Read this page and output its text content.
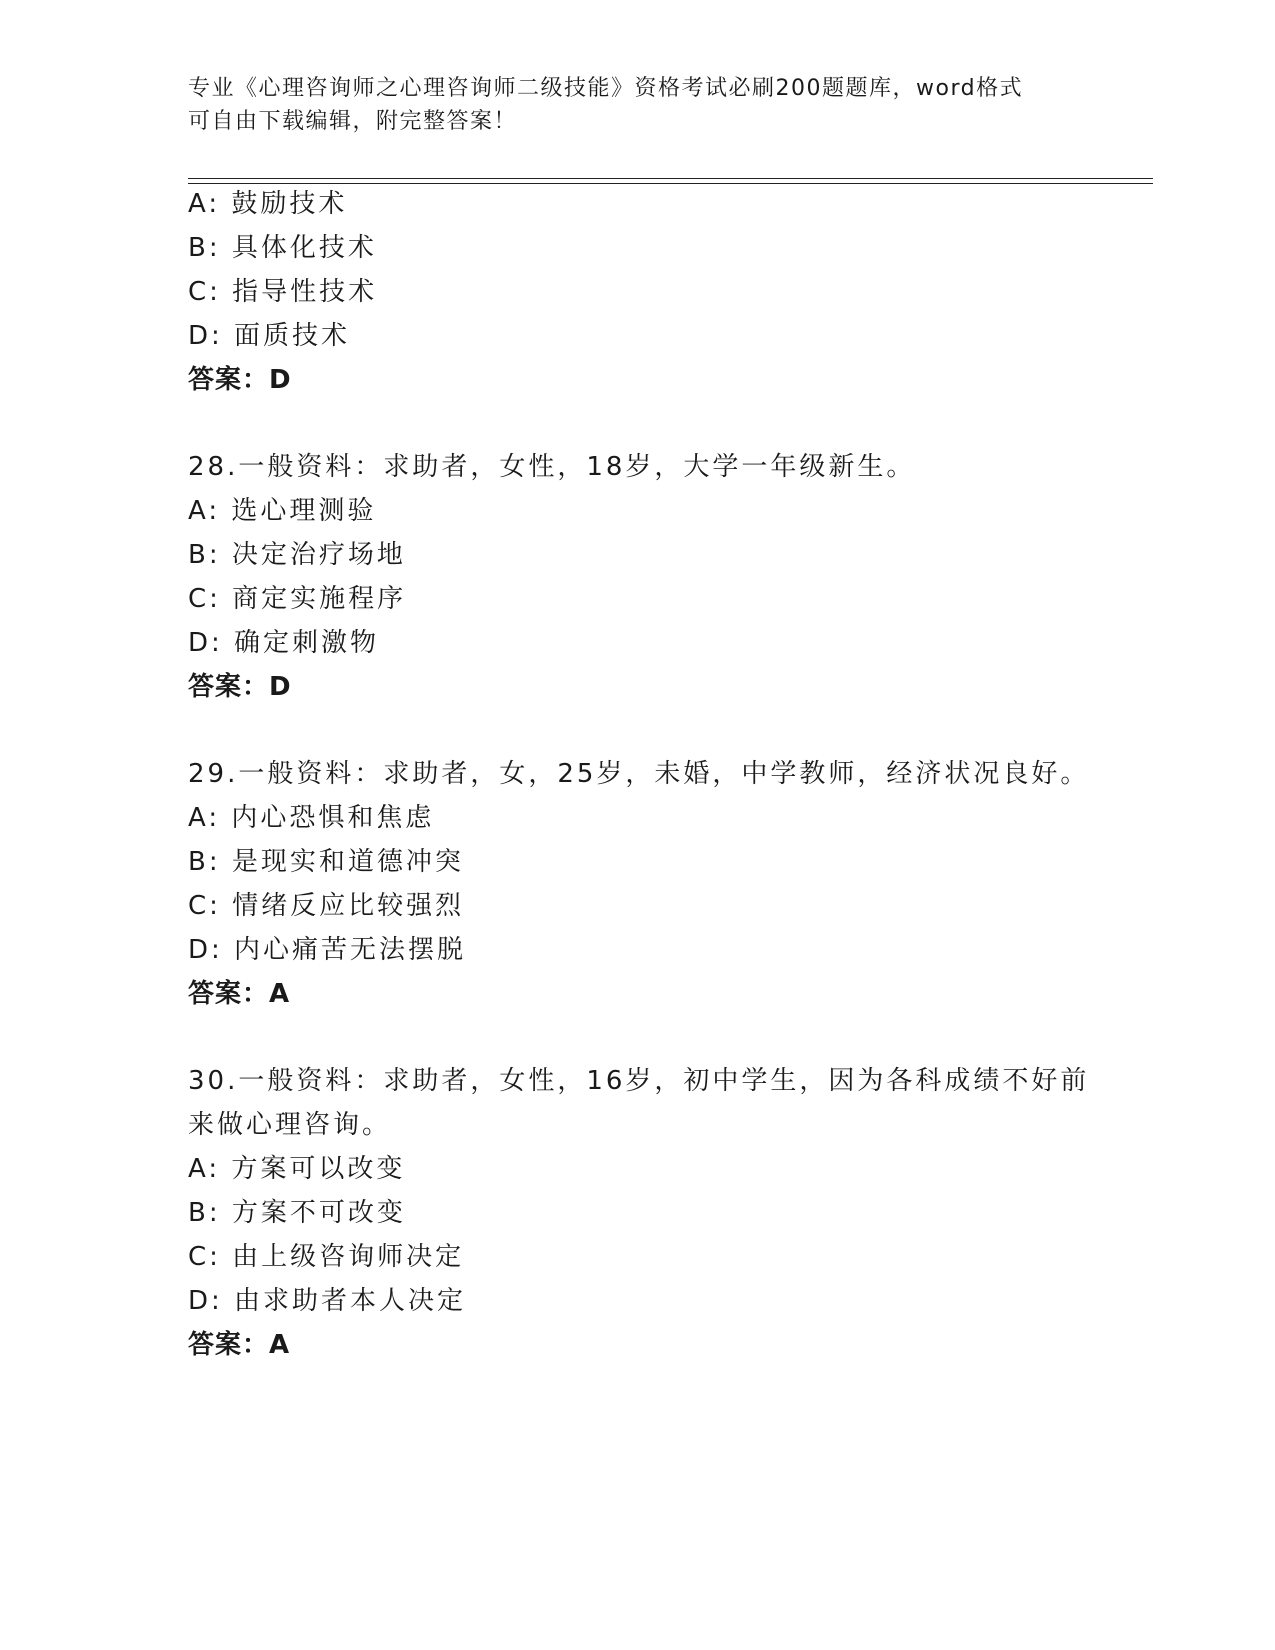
专业《心理咨询师之心理咨询师二级技能》资格考试必刷200题题库，word格式
可自由下载编辑，附完整答案！
A: 鼓励技术
B: 具体化技术
C: 指导性技术
D: 面质技术
答案：D
28.一般资料：求助者，女性，18岁，大学一年级新生。
A: 选心理测验
B: 决定治疗场地
C: 商定实施程序
D: 确定刺激物
答案：D
29.一般资料：求助者，女，25岁，未婚，中学教师，经济状况良好。
A: 内心恐惧和焦虑
B: 是现实和道德冲突
C: 情绪反应比较强烈
D: 内心痛苦无法摆脱
答案：A
30.一般资料：求助者，女性，16岁，初中学生，因为各科成绩不好前
来做心理咨询。
A: 方案可以改变
B: 方案不可改变
C: 由上级咨询师决定
D: 由求助者本人决定
答案：A
